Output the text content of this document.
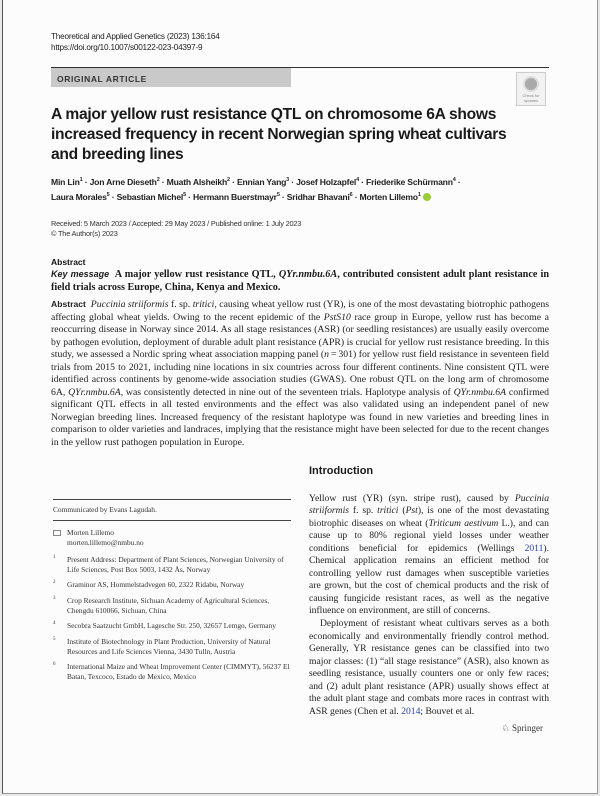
Theoretical and Applied Genetics (2023) 136:164
https://doi.org/10.1007/s00122-023-04397-9
ORIGINAL ARTICLE
Check for
updates
A major yellow rust resistance QTL on chromosome 6A shows increased frequency in recent Norwegian spring wheat cultivars and breeding lines
Min Lin$^1$ · Jon Arne Dieseth$^2$ · Muath Alsheikh$^2$ · Ennian Yang$^3$ · Josef Holzapfel$^4$ · Friederike Schürmann$^4$ ·
Laura Morales$^5$ · Sebastian Michel$^5$ · Hermann Buerstmayr$^5$ · Sridhar Bhavani$^6$ · Morten Lillemo$^1$
Received: 5 March 2023 / Accepted: 29 May 2023 / Published online: 1 July 2023
© The Author(s) 2023
Abstract
Key message A major yellow rust resistance QTL, QYr.nmbu.6A, contributed consistent adult plant resistance in field trials across Europe, China, Kenya and Mexico.
Abstract Puccinia striiformis f. sp. tritici, causing wheat yellow rust (YR), is one of the most devastating biotrophic pathogens affecting global wheat yields. Owing to the recent epidemic of the PstS10 race group in Europe, yellow rust has become a reoccurring disease in Norway since 2014. As all stage resistances (ASR) (or seedling resistances) are usually easily overcome by pathogen evolution, deployment of durable adult plant resistance (APR) is crucial for yellow rust resistance breeding. In this study, we assessed a Nordic spring wheat association mapping panel (n = 301) for yellow rust field resistance in seventeen field trials from 2015 to 2021, including nine locations in six countries across four different continents. Nine consistent QTL were identified across continents by genome-wide association studies (GWAS). One robust QTL on the long arm of chromosome 6A, QYr.nmbu.6A, was consistently detected in nine out of the seventeen trials. Haplotype analysis of QYr.nmbu.6A confirmed significant QTL effects in all tested environments and the effect was also validated using an independent panel of new Norwegian breeding lines. Increased frequency of the resistant haplotype was found in new varieties and breeding lines in comparison to older varieties and landraces, implying that the resistance might have been selected for due to the recent changes in the yellow rust pathogen population in Europe.
Communicated by Evans Lagudah.
Morten Lillemo
morten.lillemo@nmbu.no
1 Present Address: Department of Plant Sciences, Norwegian University of Life Sciences, Post Box 5003, 1432 Ås, Norway
2 Graminor AS, Hommelstadvegen 60, 2322 Ridabu, Norway
3 Crop Research Institute, Sichuan Academy of Agricultural Sciences, Chengdu 610066, Sichuan, China
4 Secobra Saatzucht GmbH, Lagesche Str. 250, 32657 Lemgo, Germany
5 Institute of Biotechnology in Plant Production, University of Natural Resources and Life Sciences Vienna, 3430 Tulln, Austria
6 International Maize and Wheat Improvement Center (CIMMYT), 56237 El Batan, Texcoco, Estado de Mexico, Mexico
Introduction

Yellow rust (YR) (syn. stripe rust), caused by Puccinia striiformis f. sp. tritici (Pst), is one of the most devastating biotrophic diseases on wheat (Triticum aestivum L.), and can cause up to 80% regional yield losses under weather conditions beneficial for epidemics (Wellings 2011). Chemical application remains an efficient method for controlling yellow rust damages when susceptible varieties are grown, but the cost of chemical products and the risk of causing fungicide resistant races, as well as the negative influence on environment, are still of concerns.

Deployment of resistant wheat cultivars serves as a both economically and environmentally friendly control method. Generally, YR resistance genes can be classified into two major classes: (1) “all stage resistance” (ASR), also known as seedling resistance, usually counters one or only few races; and (2) adult plant resistance (APR) usually shows effect at the adult plant stage and combats more races in contrast with ASR genes (Chen et al. 2014; Bouvet et al.

♘ Springer
